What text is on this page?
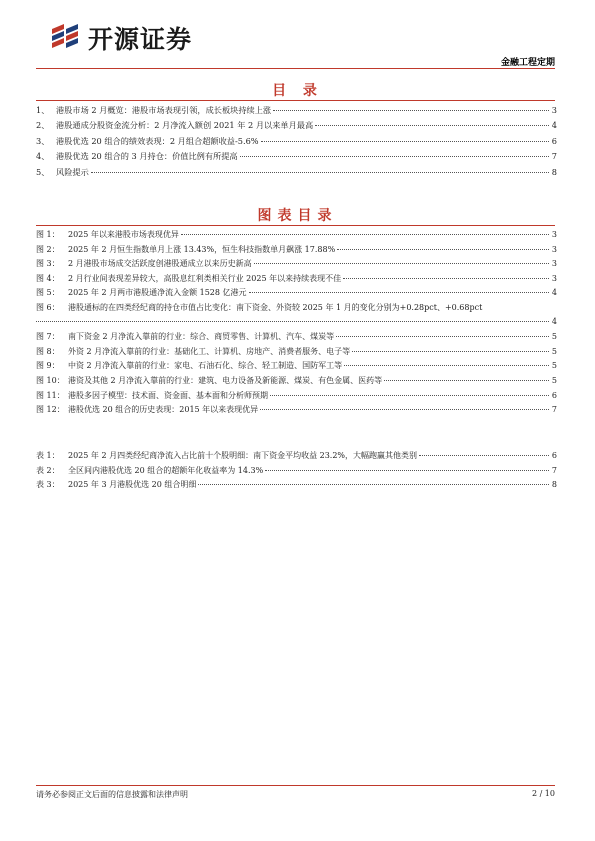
开源证券
金融工程定期
目 录
1、 港股市场 2 月概览：港股市场表现引领，成长板块持续上涨	3
2、 港股通成分股资金流分析：2 月净流入额创 2021 年 2 月以来单月最高	4
3、 港股优选 20 组合的绩效表现：2 月组合超额收益-5.6%	6
4、 港股优选 20 组合的 3 月持仓：价值比例有所提高	7
5、 风险提示	8
图表目录
图 1：	2025 年以来港股市场表现优异	3
图 2：	2025 年 2 月恒生指数单月上涨 13.43%，恒生科技指数单月飙涨 17.88%	3
图 3：	2 月港股市场成交活跃度创港股通成立以来历史新高	3
图 4：	2 月行业间表现差异较大，高股息红利类相关行业 2025 年以来持续表现不佳	3
图 5：	2025 年 2 月两市港股通净流入金额 1528 亿港元	4
图 6：	港股通标的在四类经纪商的持仓市值占比变化：南下资金、外资较 2025 年 1 月的变化分别为+0.28pct、+0.68pct
4
图 7：	南下资金 2 月净流入靠前的行业：综合、商贸零售、计算机、汽车、煤炭等	5
图 8：	外资 2 月净流入靠前的行业：基础化工、计算机、房地产、消费者服务、电子等	5
图 9：	中资 2 月净流入靠前的行业：家电、石油石化、综合、轻工制造、国防军工等	5
图 10： 港资及其他 2 月净流入靠前的行业：建筑、电力设备及新能源、煤炭、有色金属、医药等	5
图 11： 港股多因子模型：技术面、资金面、基本面和分析师预期	6
图 12： 港股优选 20 组合的历史表现：2015 年以来表现优异	7
表 1：	2025 年 2 月四类经纪商净流入占比前十个股明细：南下资金平均收益 23.2%，大幅跑赢其他类别	6
表 2：	全区间内港股优选 20 组合的超额年化收益率为 14.3%	7
表 3：	2025 年 3 月港股优选 20 组合明细	8
请务必参阅正文后面的信息披露和法律声明	2 / 10
